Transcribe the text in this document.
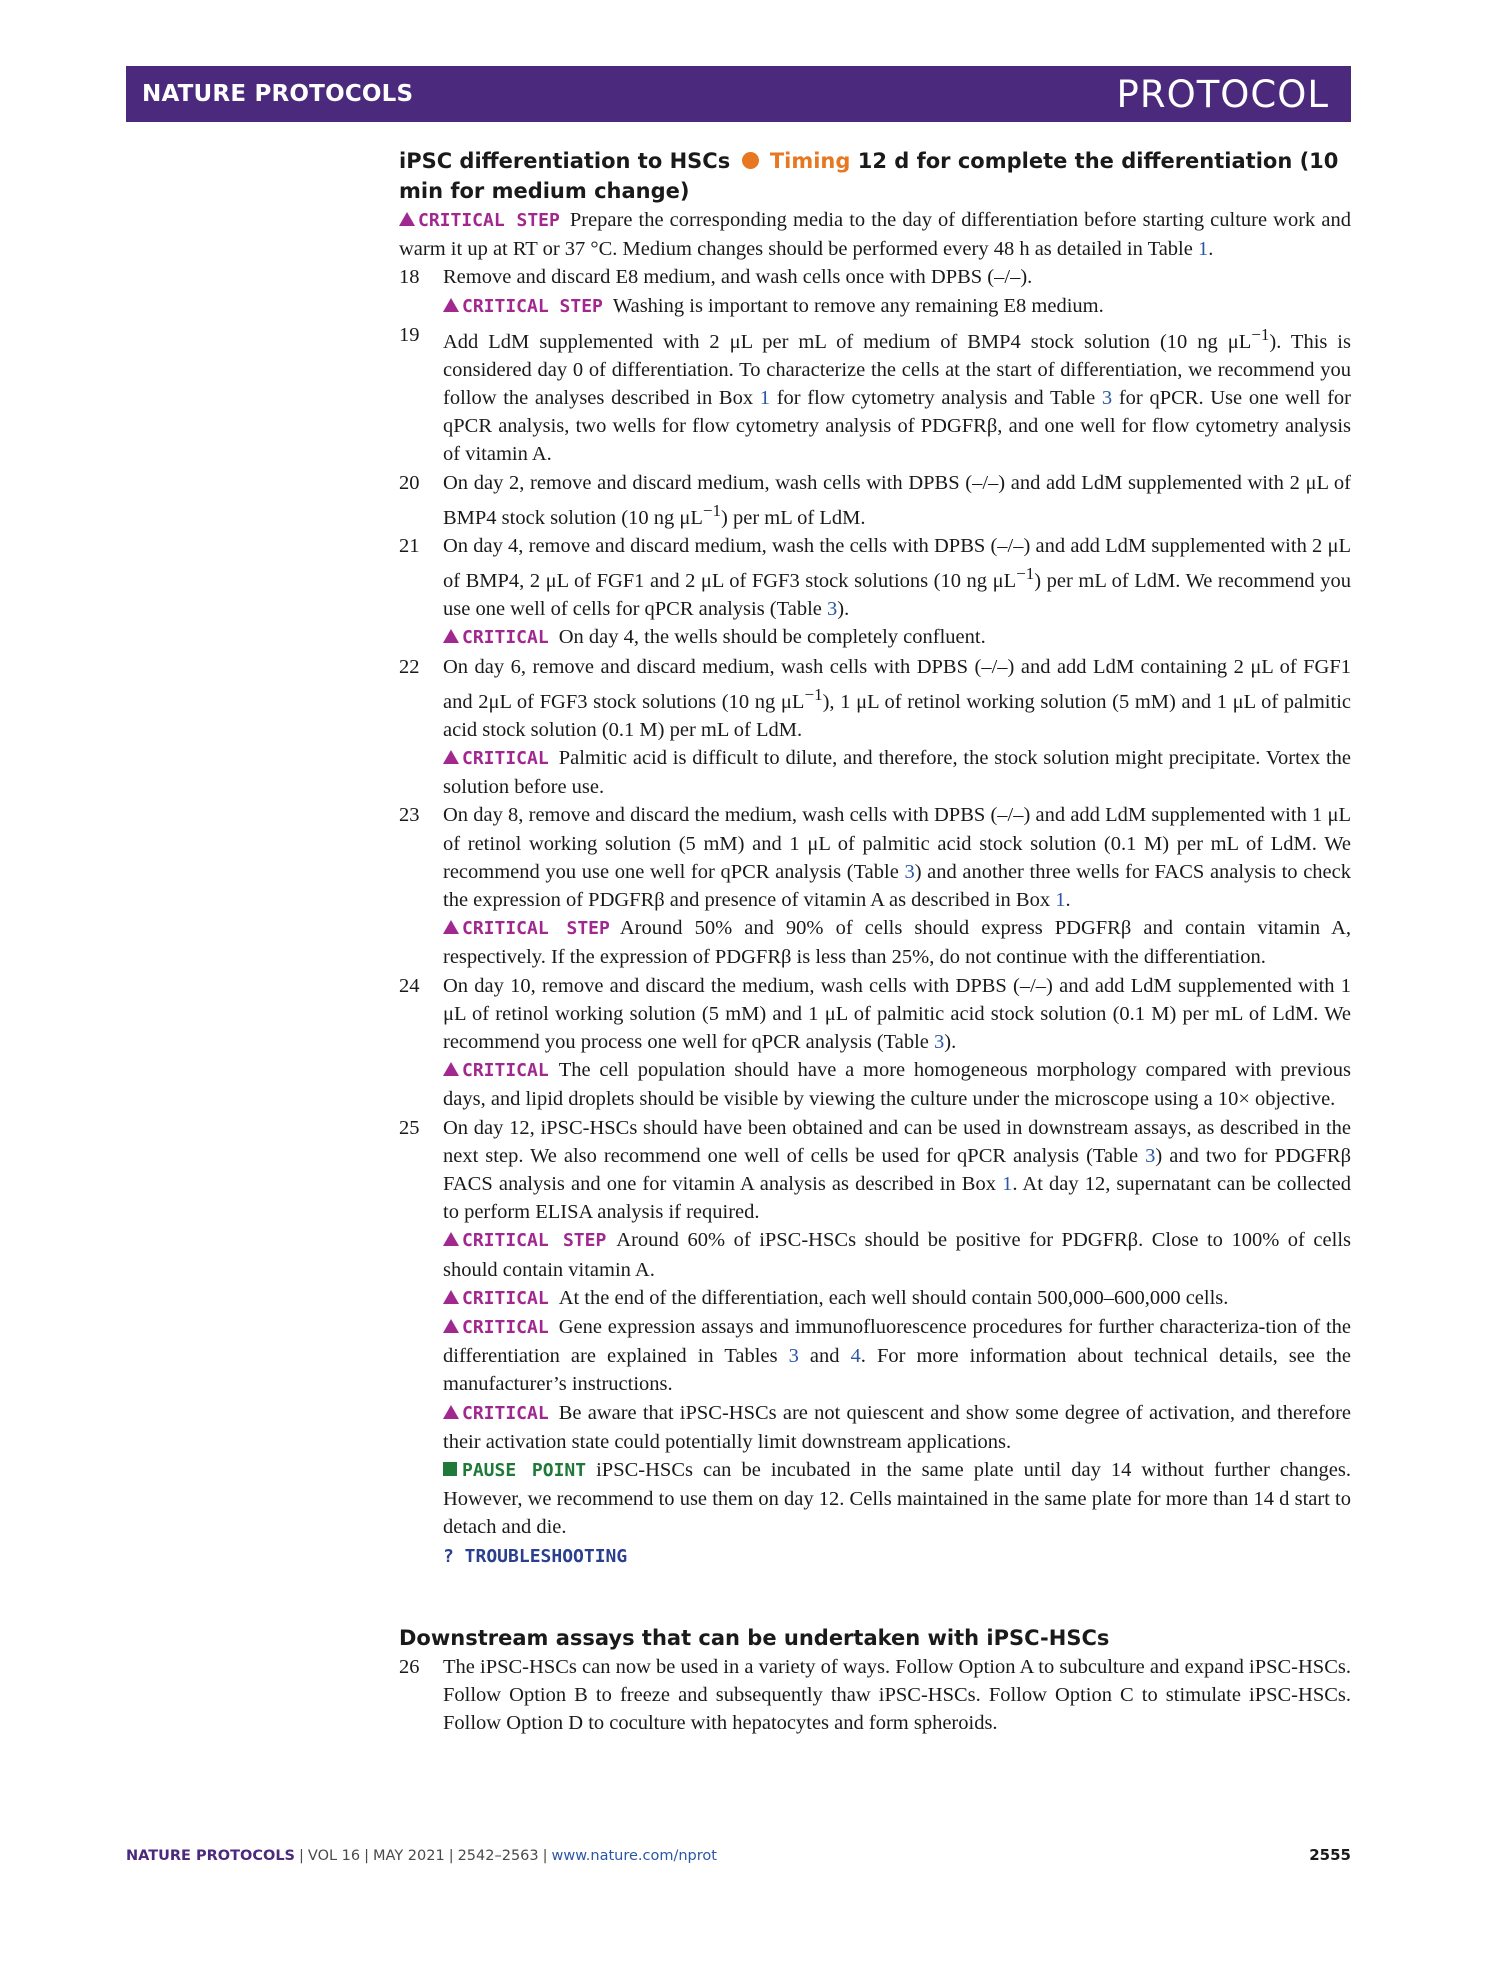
NATURE PROTOCOLS	PROTOCOL
iPSC differentiation to HSCs Timing 12 d for complete the differentiation (10 min for medium change)

CRITICAL STEP Prepare the corresponding media to the day of differentiation before starting culture work and warm it up at RT or 37 °C. Medium changes should be performed every 48 h as detailed in Table 1.

18 Remove and discard E8 medium, and wash cells once with DPBS (–/–).

CRITICAL STEP Washing is important to remove any remaining E8 medium.

19 Add LdM supplemented with 2 μL per mL of medium of BMP4 stock solution (10 ng $\mu L^{-1}$). This is considered day 0 of differentiation. To characterize the cells at the start of differentiation, we recommend you follow the analyses described in Box 1 for flow cytometry analysis and Table 3 for qPCR. Use one well for qPCR analysis, two wells for flow cytometry analysis of PDGFRβ, and one well for flow cytometry analysis of vitamin A.

20 On day 2, remove and discard medium, wash cells with DPBS (–/–) and add LdM supplemented with 2 μL of BMP4 stock solution (10 ng $\mu L^{-1}$) per mL of LdM.

21 On day 4, remove and discard medium, wash the cells with DPBS (–/–) and add LdM supplemented with 2 μL of BMP4, 2 μL of FGF1 and 2 μL of FGF3 stock solutions (10 ng $\mu L^{-1}$) per mL of LdM. We recommend you use one well of cells for qPCR analysis (Table 3).

CRITICAL On day 4, the wells should be completely confluent.

22 On day 6, remove and discard medium, wash cells with DPBS (–/–) and add LdM containing 2 μL of FGF1 and 2μL of FGF3 stock solutions (10 ng $\mu L^{-1}$), 1 μL of retinol working solution (5 mM) and 1 μL of palmitic acid stock solution (0.1 M) per mL of LdM.

CRITICAL Palmitic acid is difficult to dilute, and therefore, the stock solution might precipitate. Vortex the solution before use.

23 On day 8, remove and discard the medium, wash cells with DPBS (–/–) and add LdM supplemented with 1 μL of retinol working solution (5 mM) and 1 μL of palmitic acid stock solution (0.1 M) per mL of LdM. We recommend you use one well for qPCR analysis (Table 3) and another three wells for FACS analysis to check the expression of PDGFRβ and presence of vitamin A as described in Box 1.

CRITICAL STEP Around 50% and 90% of cells should express PDGFRβ and contain vitamin A, respectively. If the expression of PDGFRβ is less than 25%, do not continue with the differentiation.

24 On day 10, remove and discard the medium, wash cells with DPBS (–/–) and add LdM supplemented with 1 μL of retinol working solution (5 mM) and 1 μL of palmitic acid stock solution (0.1 M) per mL of LdM. We recommend you process one well for qPCR analysis (Table 3).

CRITICAL The cell population should have a more homogeneous morphology compared with previous days, and lipid droplets should be visible by viewing the culture under the microscope using a 10× objective.

25 On day 12, iPSC-HSCs should have been obtained and can be used in downstream assays, as described in the next step. We also recommend one well of cells be used for qPCR analysis (Table 3) and two for PDGFRβ FACS analysis and one for vitamin A analysis as described in Box 1. At day 12, supernatant can be collected to perform ELISA analysis if required.

CRITICAL STEP Around 60% of iPSC-HSCs should be positive for PDGFRβ. Close to 100% of cells should contain vitamin A.

CRITICAL At the end of the differentiation, each well should contain 500,000–600,000 cells.

CRITICAL Gene expression assays and immunofluorescence procedures for further characteriza-tion of the differentiation are explained in Tables 3 and 4. For more information about technical details, see the manufacturer’s instructions.

CRITICAL Be aware that iPSC-HSCs are not quiescent and show some degree of activation, and therefore their activation state could potentially limit downstream applications.

PAUSE POINT iPSC-HSCs can be incubated in the same plate until day 14 without further changes. However, we recommend to use them on day 12. Cells maintained in the same plate for more than 14 d start to detach and die.

? TROUBLESHOOTING

Downstream assays that can be undertaken with iPSC-HSCs
26 The iPSC-HSCs can now be used in a variety of ways. Follow Option A to subculture and expand iPSC-HSCs. Follow Option B to freeze and subsequently thaw iPSC-HSCs. Follow Option C to stimulate iPSC-HSCs. Follow Option D to coculture with hepatocytes and form spheroids.

NATURE PROTOCOLS | VOL 16 | MAY 2021 | 2542–2563 | www.nature.com/nprot	2555
